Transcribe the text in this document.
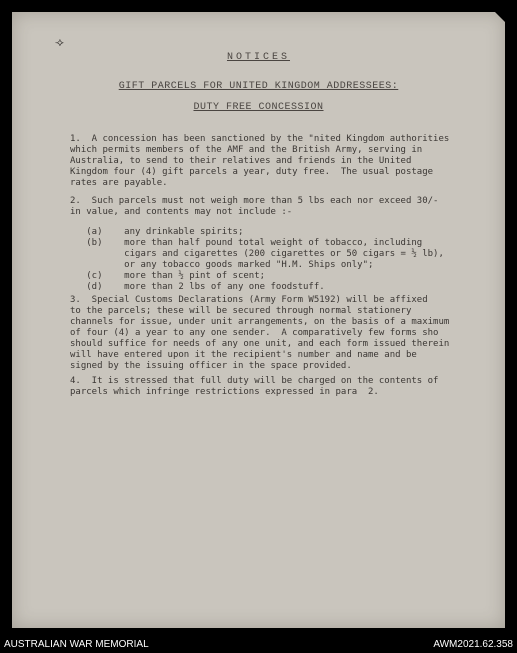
⟢
NOTICES
GIFT PARCELS FOR UNITED KINGDOM ADDRESSEES:
DUTY FREE CONCESSION
1.  A concession has been sanctioned by the "nited Kingdom authorities
which permits members of the AMF and the British Army, serving in
Australia, to send to their relatives and friends in the United
Kingdom four (4) gift parcels a year, duty free.  The usual postage
rates are payable.
2.  Such parcels must not weigh more than 5 lbs each nor exceed 30/-
in value, and contents may not include :-
(a)    any drinkable spirits;
(b)    more than half pound total weight of tobacco, including
cigars and cigarettes (200 cigarettes or 50 cigars = ½ lb),
or any tobacco goods marked "H.M. Ships only";
(c)    more than ½ pint of scent;
(d)    more than 2 lbs of any one foodstuff.
3.  Special Customs Declarations (Army Form W5192) will be affixed
to the parcels; these will be secured through normal stationery
channels for issue, under unit arrangements, on the basis of a maximum
of four (4) a year to any one sender.  A comparatively few forms sho
should suffice for needs of any one unit, and each form issued therein
will have entered upon it the recipient's number and name and be
signed by the issuing officer in the space provided.
4.  It is stressed that full duty will be charged on the contents of
parcels which infringe restrictions expressed in para  2.
AUSTRALIAN WAR MEMORIAL	AWM2021.62.358
